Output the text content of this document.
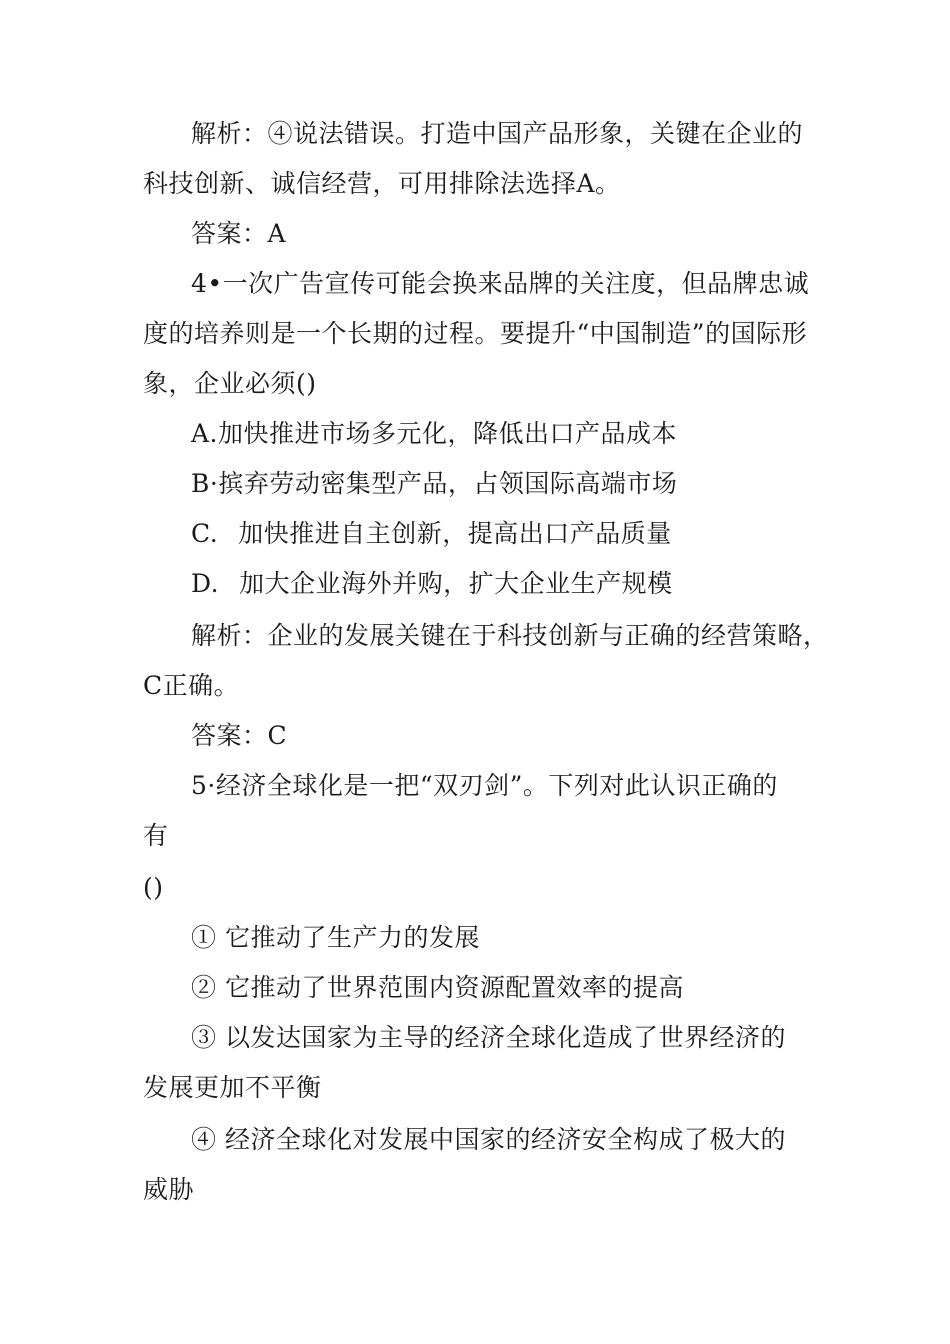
解析：④说法错误。打造中国产品形象，关键在企业的
科技创新、诚信经营，可用排除法选择A。
答案：A
4•一次广告宣传可能会换来品牌的关注度，但品牌忠诚
度的培养则是一个长期的过程。要提升“中国制造”的国际形
象，企业必须()
A.加快推进市场多元化，降低出口产品成本
B·摈弃劳动密集型产品，占领国际高端市场
C. 加快推进自主创新，提高出口产品质量
D. 加大企业海外并购，扩大企业生产规模
解析：企业的发展关键在于科技创新与正确的经营策略，
C正确。
答案：C
5·经济全球化是一把“双刃剑”。下列对此认识正确的
有
()
① 它推动了生产力的发展
② 它推动了世界范围内资源配置效率的提高
③ 以发达国家为主导的经济全球化造成了世界经济的
发展更加不平衡
④ 经济全球化对发展中国家的经济安全构成了极大的
威胁
